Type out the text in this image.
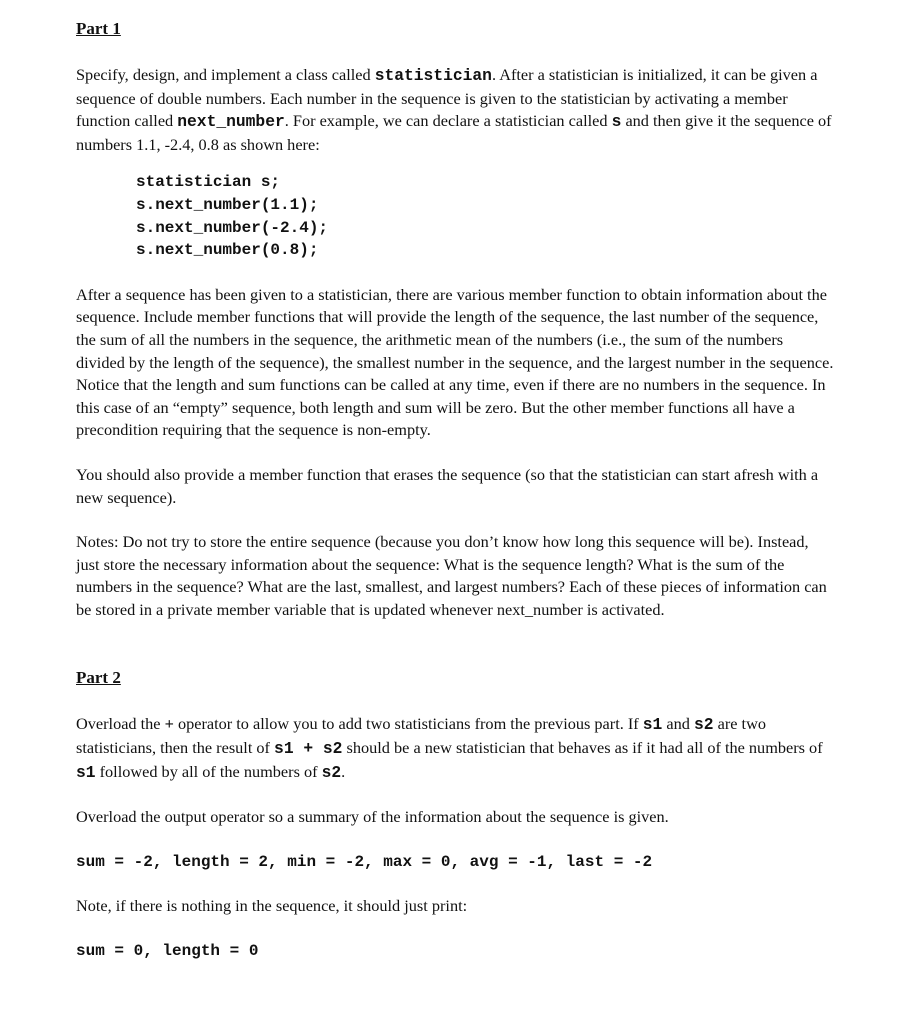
Part 1

Specify, design, and implement a class called statistician. After a statistician is initialized, it can be given a sequence of double numbers. Each number in the sequence is given to the statistician by activating a member function called next_number. For example, we can declare a statistician called s and then give it the sequence of numbers 1.1, -2.4, 0.8 as shown here:

statistician s;
s.next_number(1.1);
s.next_number(-2.4);
s.next_number(0.8);

After a sequence has been given to a statistician, there are various member function to obtain information about the sequence. Include member functions that will provide the length of the sequence, the last number of the sequence, the sum of all the numbers in the sequence, the arithmetic mean of the numbers (i.e., the sum of the numbers divided by the length of the sequence), the smallest number in the sequence, and the largest number in the sequence. Notice that the length and sum functions can be called at any time, even if there are no numbers in the sequence. In this case of an “empty” sequence, both length and sum will be zero. But the other member functions all have a precondition requiring that the sequence is non-empty.

You should also provide a member function that erases the sequence (so that the statistician can start afresh with a new sequence).

Notes: Do not try to store the entire sequence (because you don’t know how long this sequence will be). Instead, just store the necessary information about the sequence: What is the sequence length? What is the sum of the numbers in the sequence? What are the last, smallest, and largest numbers? Each of these pieces of information can be stored in a private member variable that is updated whenever next_number is activated.

Part 2

Overload the + operator to allow you to add two statisticians from the previous part. If s1 and s2 are two statisticians, then the result of s1 + s2 should be a new statistician that behaves as if it had all of the numbers of s1 followed by all of the numbers of s2.

Overload the output operator so a summary of the information about the sequence is given.

sum = -2, length = 2, min = -2, max = 0, avg = -1, last = -2

Note, if there is nothing in the sequence, it should just print:

sum = 0, length = 0
